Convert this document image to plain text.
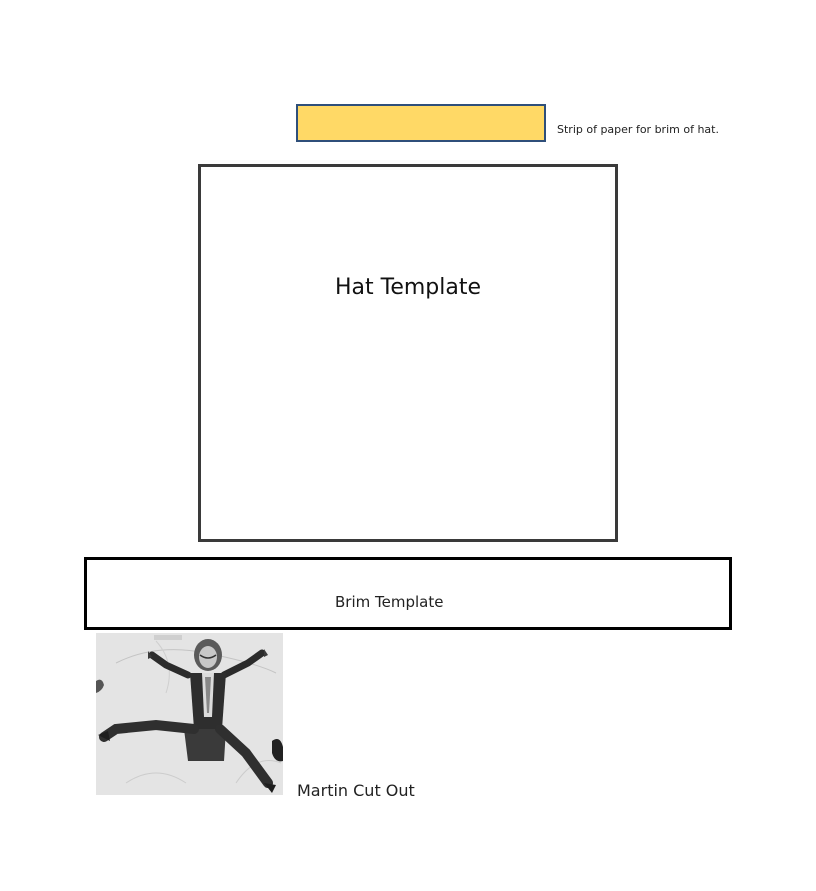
Strip of paper for brim of hat.
Hat Template
Brim Template
Martin Cut Out
